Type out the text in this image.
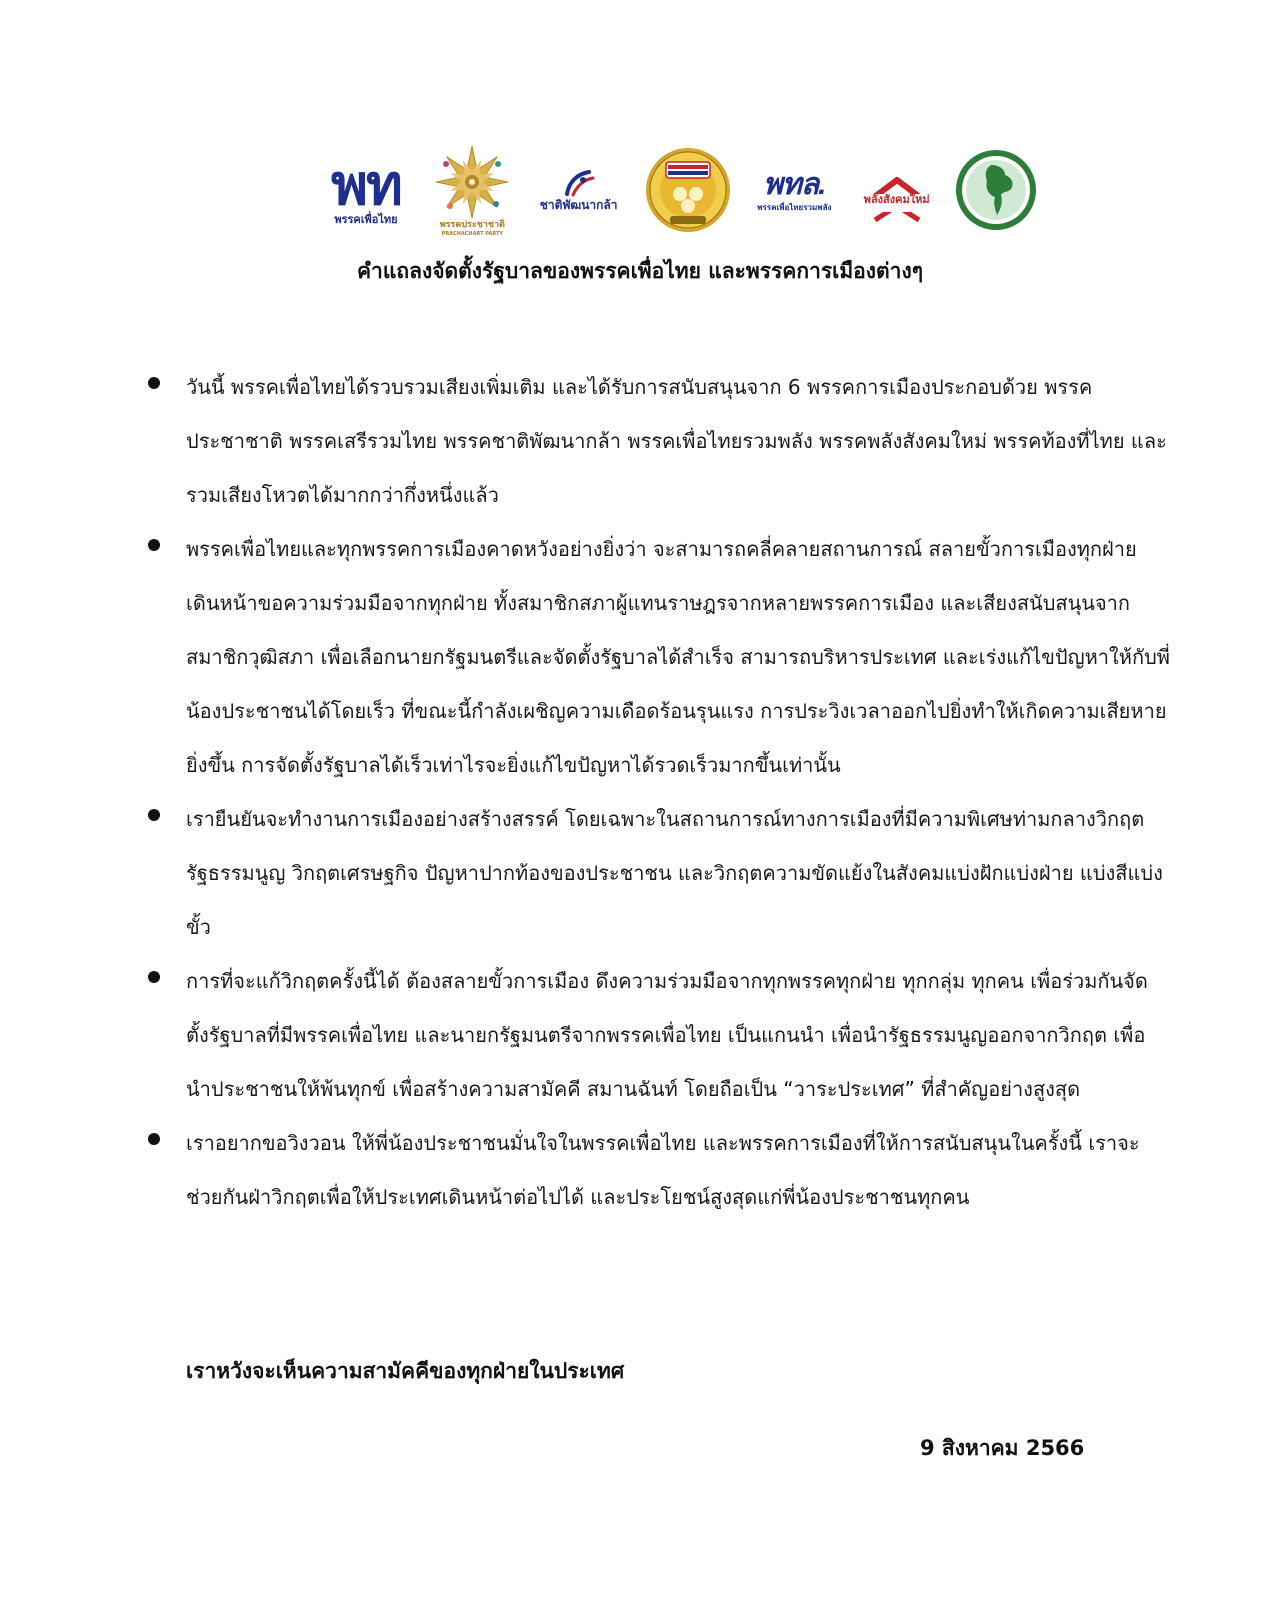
พท
พรรคเพื่อไทย	พรรคประชาชาติ
PRACHACHART PARTY
ชาติพัฒนากล้า
พทล.
พรรคเพื่อไทยรวมพลัง
พลังสังคมใหม่
คำแถลงจัดตั้งรัฐบาลของพรรคเพื่อไทย และพรรคการเมืองต่างๆ

วันนี้ พรรคเพื่อไทยได้รวบรวมเสียงเพิ่มเติม และได้รับการสนับสนุนจาก 6 พรรคการเมืองประกอบด้วย พรรคประชาชาติ พรรคเสรีรวมไทย พรรคชาติพัฒนากล้า พรรคเพื่อไทยรวมพลัง พรรคพลังสังคมใหม่ พรรคท้องที่ไทย และรวมเสียงโหวตได้มากกว่ากึ่งหนึ่งแล้ว

พรรคเพื่อไทยและทุกพรรคการเมืองคาดหวังอย่างยิ่งว่า จะสามารถคลี่คลายสถานการณ์ สลายขั้วการเมืองทุกฝ่าย เดินหน้าขอความร่วมมือจากทุกฝ่าย ทั้งสมาชิกสภาผู้แทนราษฎรจากหลายพรรคการเมือง และเสียงสนับสนุนจากสมาชิกวุฒิสภา เพื่อเลือกนายกรัฐมนตรีและจัดตั้งรัฐบาลได้สำเร็จ สามารถบริหารประเทศ และเร่งแก้ไขปัญหาให้กับพี่น้องประชาชนได้โดยเร็ว ที่ขณะนี้กำลังเผชิญความเดือดร้อนรุนแรง การประวิงเวลาออกไปยิ่งทำให้เกิดความเสียหายยิ่งขึ้น การจัดตั้งรัฐบาลได้เร็วเท่าไรจะยิ่งแก้ไขปัญหาได้รวดเร็วมากขึ้นเท่านั้น

เรายืนยันจะทำงานการเมืองอย่างสร้างสรรค์ โดยเฉพาะในสถานการณ์ทางการเมืองที่มีความพิเศษท่ามกลางวิกฤตรัฐธรรมนูญ วิกฤตเศรษฐกิจ ปัญหาปากท้องของประชาชน และวิกฤตความขัดแย้งในสังคมแบ่งฝักแบ่งฝ่าย แบ่งสีแบ่งขั้ว

การที่จะแก้วิกฤตครั้งนี้ได้ ต้องสลายขั้วการเมือง ดึงความร่วมมือจากทุกพรรคทุกฝ่าย ทุกกลุ่ม ทุกคน เพื่อร่วมกันจัดตั้งรัฐบาลที่มีพรรคเพื่อไทย และนายกรัฐมนตรีจากพรรคเพื่อไทย เป็นแกนนำ เพื่อนำรัฐธรรมนูญออกจากวิกฤต เพื่อนำประชาชนให้พ้นทุกข์ เพื่อสร้างความสามัคคี สมานฉันท์ โดยถือเป็น “วาระประเทศ” ที่สำคัญอย่างสูงสุด

เราอยากขอวิงวอน ให้พี่น้องประชาชนมั่นใจในพรรคเพื่อไทย และพรรคการเมืองที่ให้การสนับสนุนในครั้งนี้ เราจะช่วยกันฝ่าวิกฤตเพื่อให้ประเทศเดินหน้าต่อไปได้ และประโยชน์สูงสุดแก่พี่น้องประชาชนทุกคน

เราหวังจะเห็นความสามัคคีของทุกฝ่ายในประเทศ
9 สิงหาคม 2566
